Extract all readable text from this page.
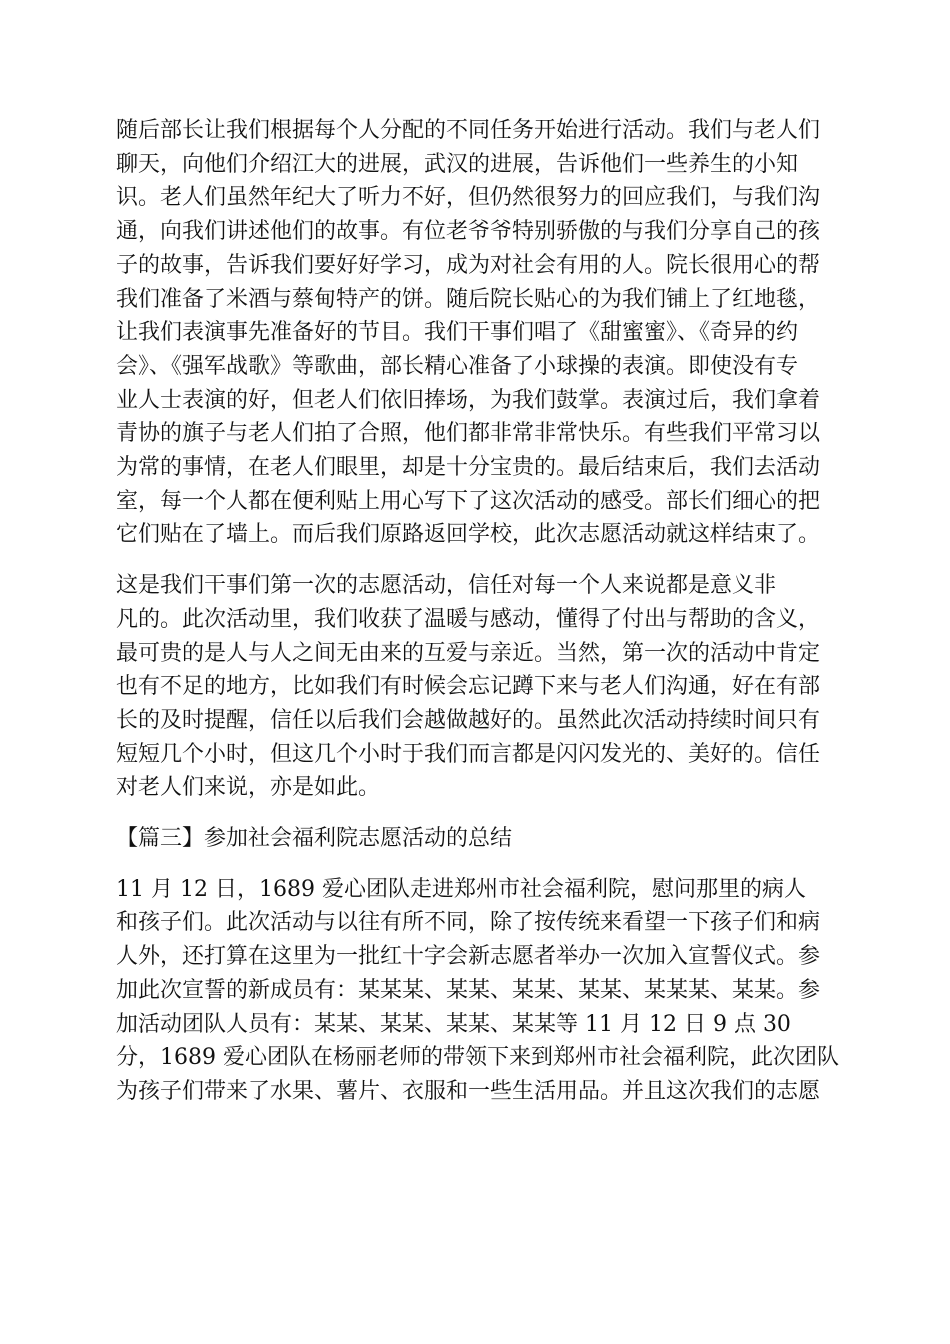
随后部长让我们根据每个人分配的不同任务开始进行活动。我们与老人们

聊天，向他们介绍江大的进展，武汉的进展，告诉他们一些养生的小知

识。老人们虽然年纪大了听力不好，但仍然很努力的回应我们，与我们沟

通，向我们讲述他们的故事。有位老爷爷特别骄傲的与我们分享自己的孩

子的故事，告诉我们要好好学习，成为对社会有用的人。院长很用心的帮

我们准备了米酒与蔡甸特产的饼。随后院长贴心的为我们铺上了红地毯，

让我们表演事先准备好的节目。我们干事们唱了《甜蜜蜜》、《奇异的约

会》、《强军战歌》等歌曲，部长精心准备了小球操的表演。即使没有专

业人士表演的好，但老人们依旧捧场，为我们鼓掌。表演过后，我们拿着

青协的旗子与老人们拍了合照，他们都非常非常快乐。有些我们平常习以

为常的事情，在老人们眼里，却是十分宝贵的。最后结束后，我们去活动

室，每一个人都在便利贴上用心写下了这次活动的感受。部长们细心的把

它们贴在了墙上。而后我们原路返回学校，此次志愿活动就这样结束了。

这是我们干事们第一次的志愿活动，信任对每一个人来说都是意义非

凡的。此次活动里，我们收获了温暖与感动，懂得了付出与帮助的含义，

最可贵的是人与人之间无由来的互爱与亲近。当然，第一次的活动中肯定

也有不足的地方，比如我们有时候会忘记蹲下来与老人们沟通，好在有部

长的及时提醒，信任以后我们会越做越好的。虽然此次活动持续时间只有

短短几个小时，但这几个小时于我们而言都是闪闪发光的、美好的。信任

对老人们来说，亦是如此。

【篇三】参加社会福利院志愿活动的总结

11 月 12 日，1689 爱心团队走进郑州市社会福利院，慰问那里的病人

和孩子们。此次活动与以往有所不同，除了按传统来看望一下孩子们和病

人外，还打算在这里为一批红十字会新志愿者举办一次加入宣誓仪式。参

加此次宣誓的新成员有：某某某、某某、某某、某某、某某某、某某。参

加活动团队人员有：某某、某某、某某、某某等 11 月 12 日 9 点 30

分，1689 爱心团队在杨丽老师的带领下来到郑州市社会福利院，此次团队

为孩子们带来了水果、薯片、衣服和一些生活用品。并且这次我们的志愿
